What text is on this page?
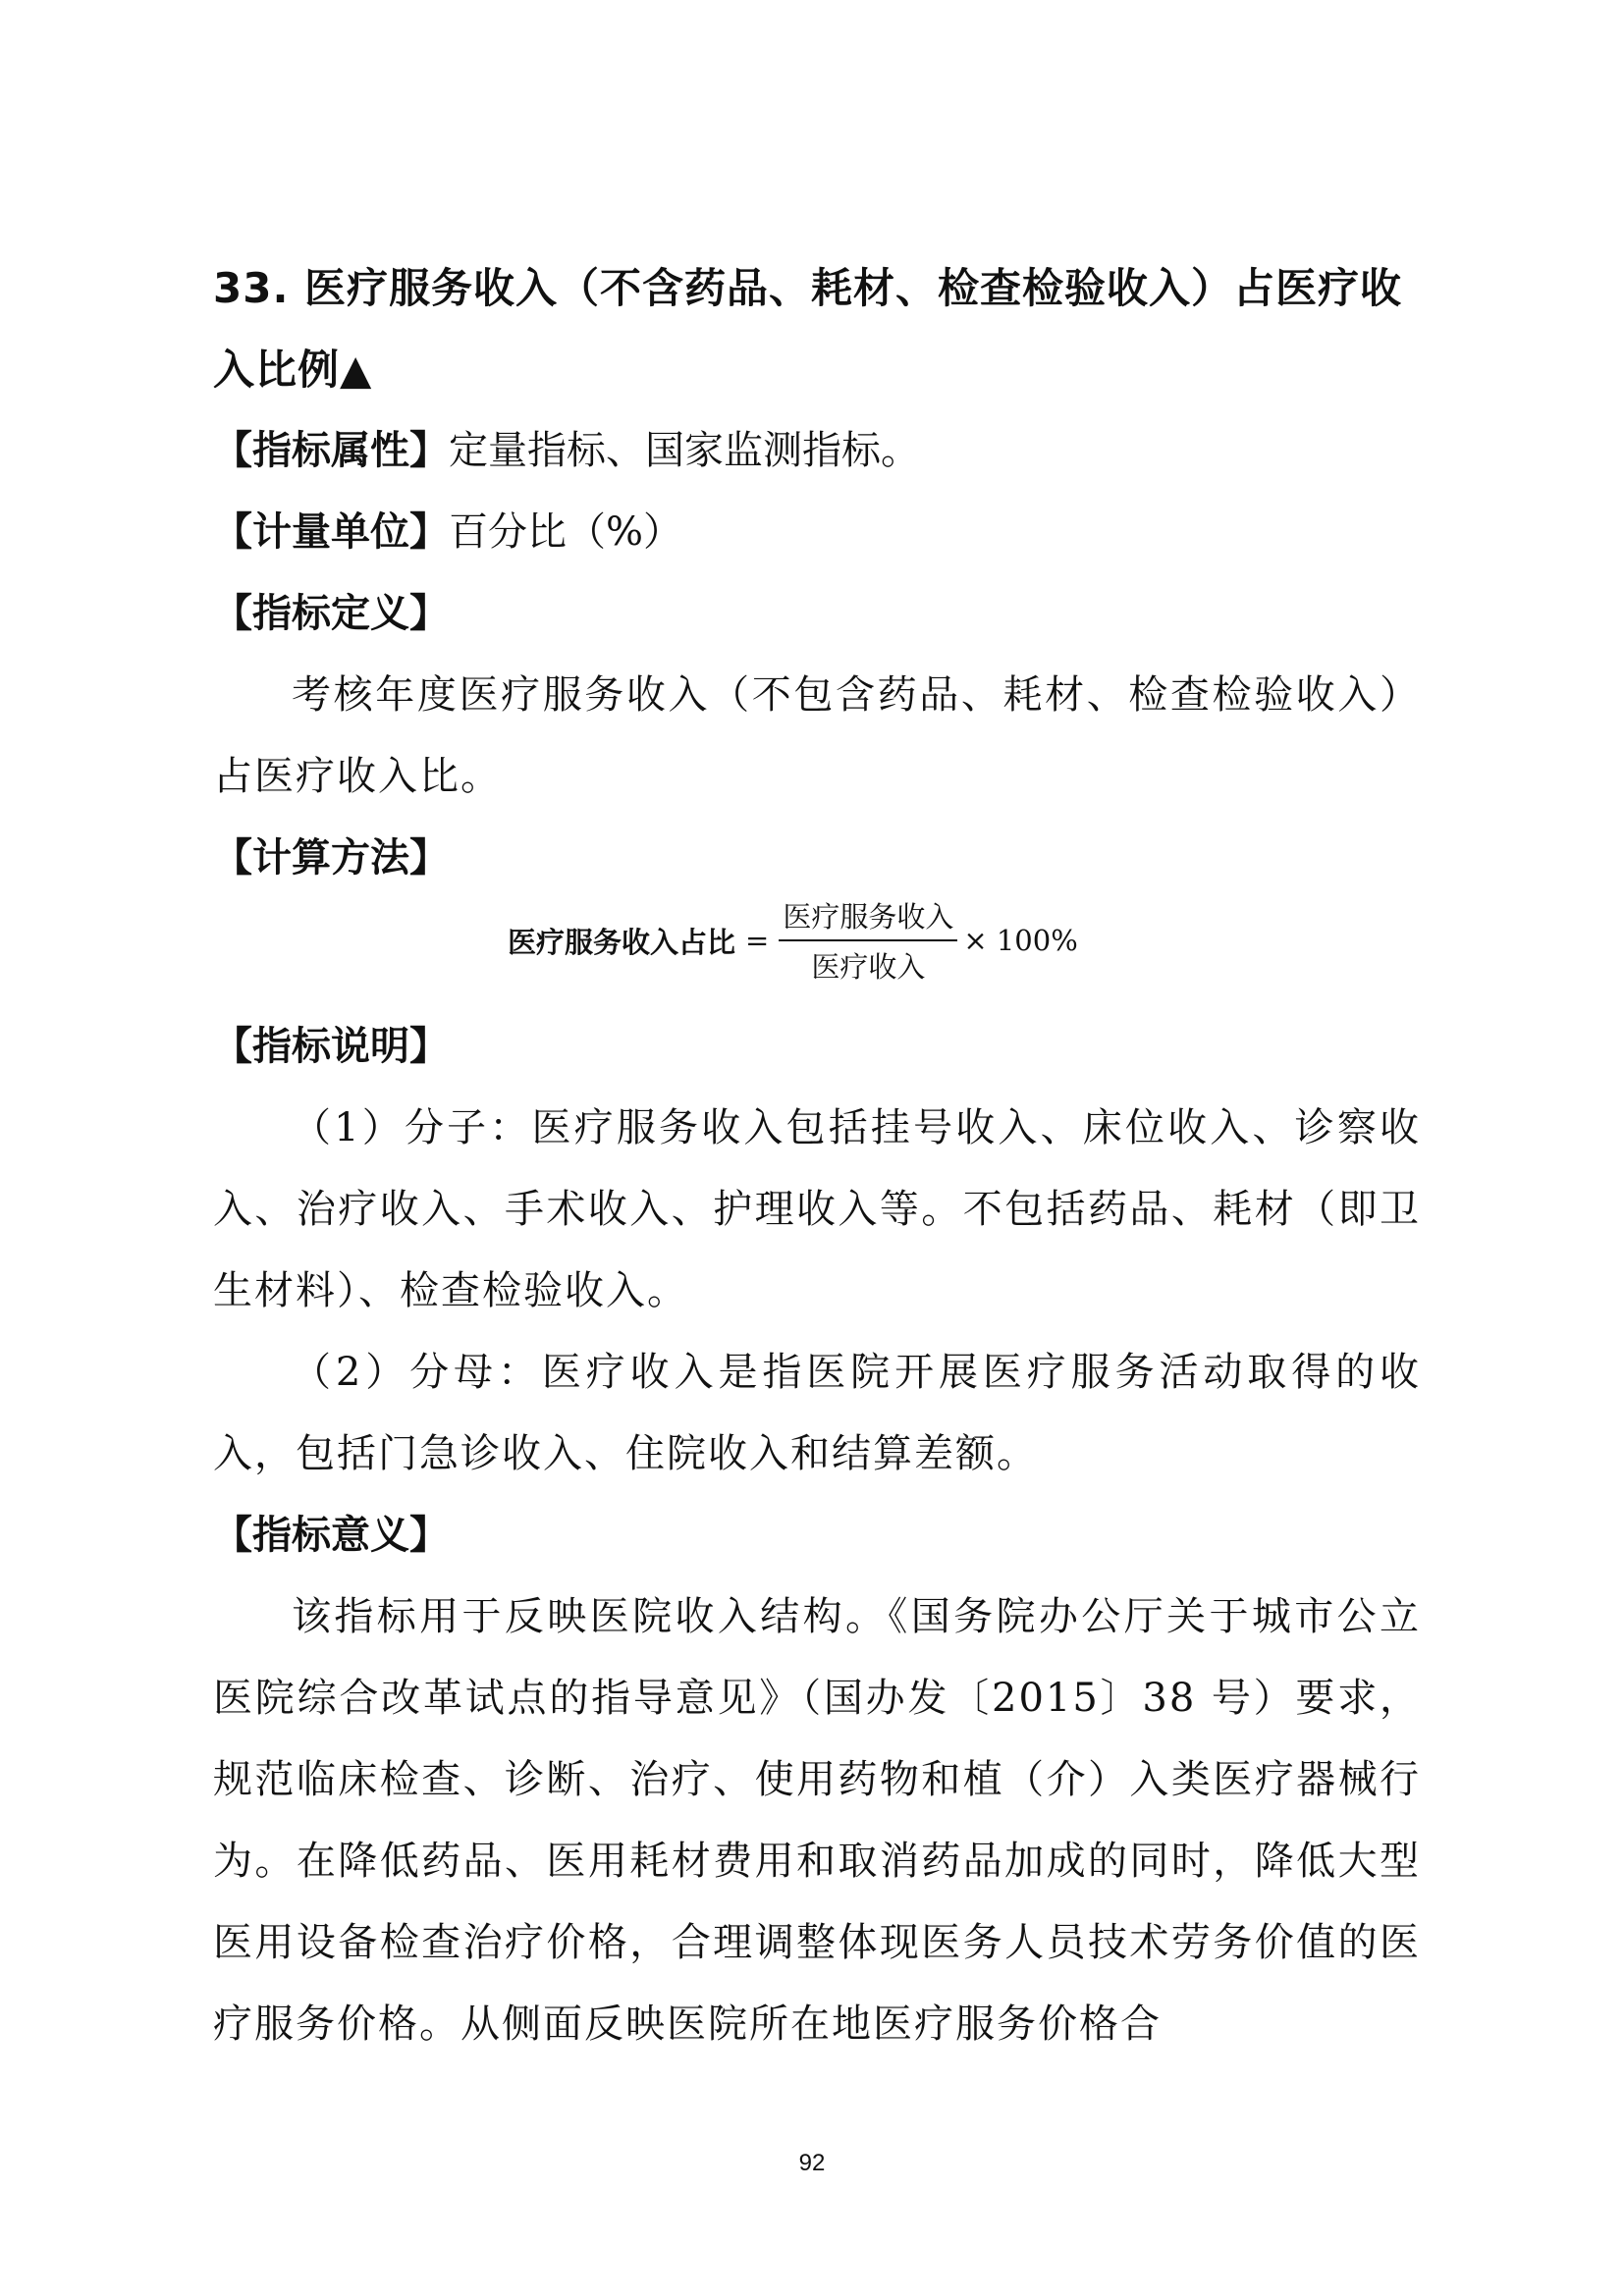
33. 医疗服务收入（不含药品、耗材、检查检验收入）占医疗收入比例▲
【指标属性】定量指标、国家监测指标。
【计量单位】百分比（%）
【指标定义】

考核年度医疗服务收入（不包含药品、耗材、检查检验收入）占医疗收入比。

【计算方法】
医疗服务收入占比 = $\frac{\text{医疗服务收入}}{\text{医疗收入}} \times 100\%$
【指标说明】

（1）分子：医疗服务收入包括挂号收入、床位收入、诊察收入、治疗收入、手术收入、护理收入等。不包括药品、耗材（即卫生材料）、检查检验收入。

（2）分母：医疗收入是指医院开展医疗服务活动取得的收入，包括门急诊收入、住院收入和结算差额。

【指标意义】

该指标用于反映医院收入结构。《国务院办公厅关于城市公立医院综合改革试点的指导意见》（国办发〔2015〕38 号）要求，规范临床检查、诊断、治疗、使用药物和植（介）入类医疗器械行为。在降低药品、医用耗材费用和取消药品加成的同时，降低大型医用设备检查治疗价格，合理调整体现医务人员技术劳务价值的医疗服务价格。从侧面反映医院所在地医疗服务价格合

92
